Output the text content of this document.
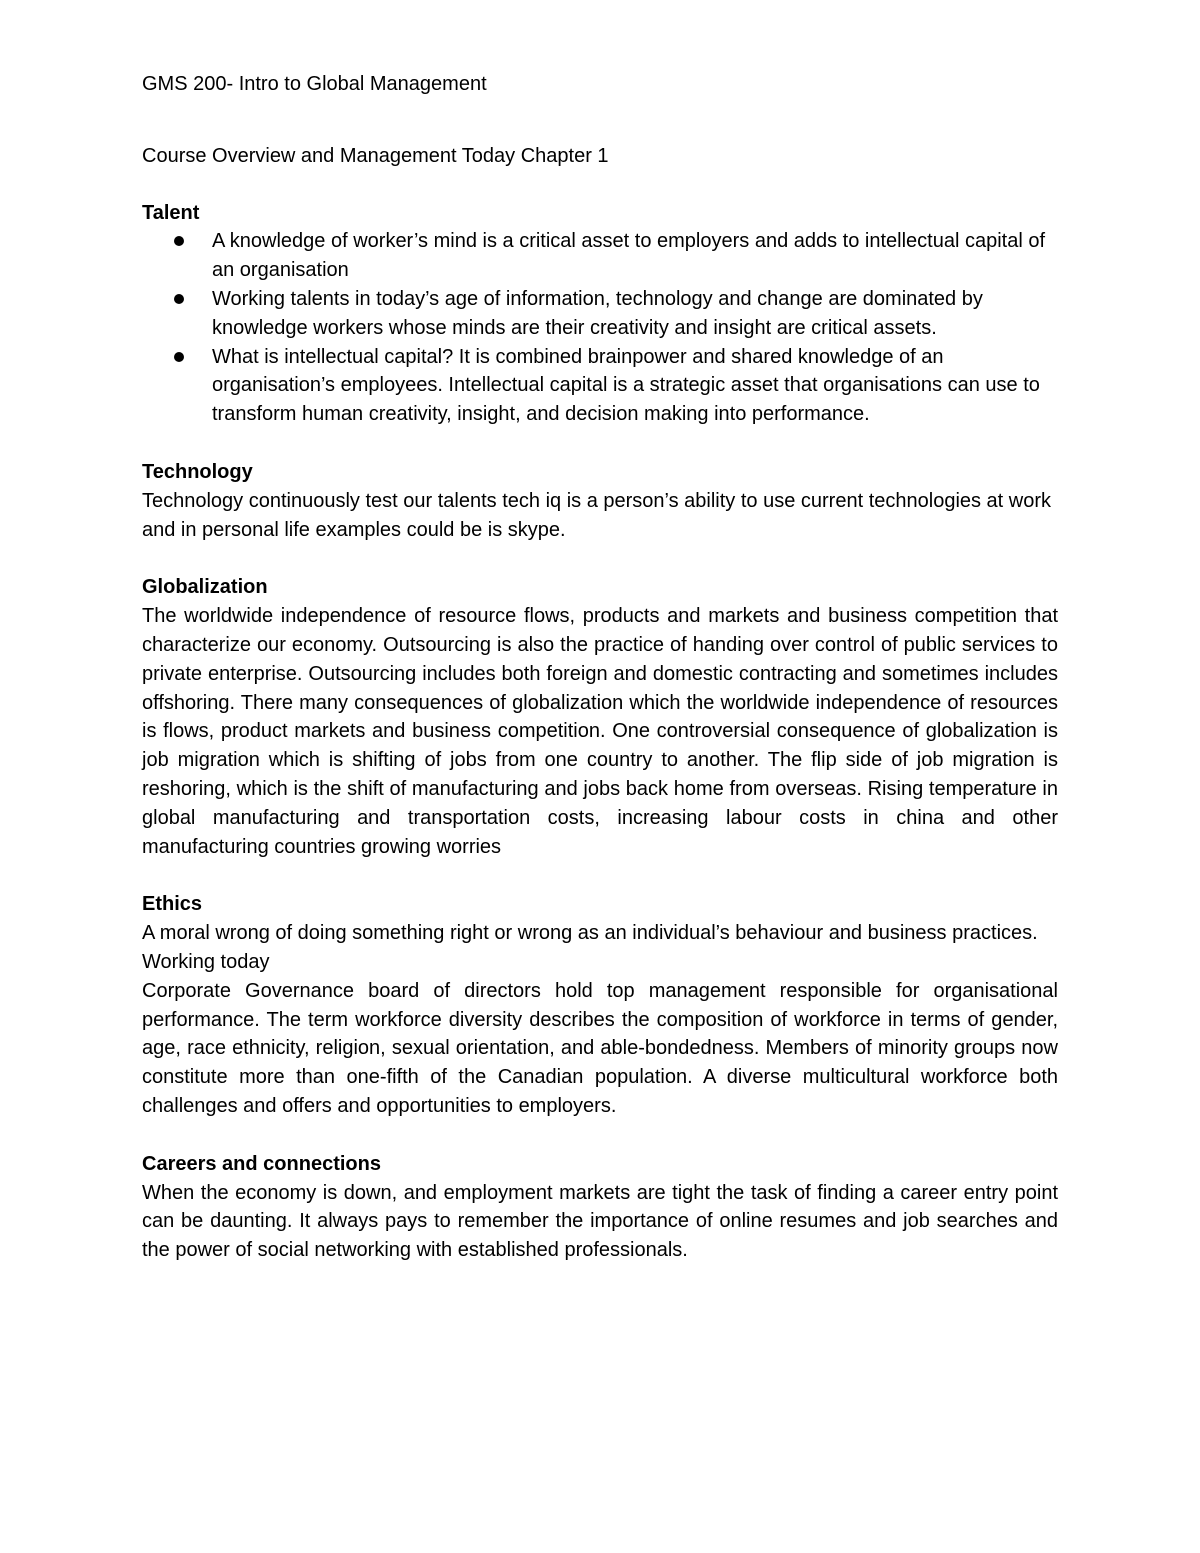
GMS 200- Intro to Global Management

Course Overview and Management Today Chapter 1

Talent
A knowledge of worker’s mind is a critical asset to employers and adds to intellectual capital of an organisation
Working talents in today’s age of information, technology and change are dominated by knowledge workers whose minds are their creativity and insight are critical assets.
What is intellectual capital? It is combined brainpower and shared knowledge of an organisation’s employees. Intellectual capital is a strategic asset that organisations can use to transform human creativity, insight, and decision making into performance.
Technology

Technology continuously test our talents tech iq is a person’s ability to use current technologies at work and in personal life examples could be is skype.

Globalization

The worldwide independence of resource flows, products and markets and business competition that characterize our economy. Outsourcing is also the practice of handing over control of public services to private enterprise. Outsourcing includes both foreign and domestic contracting and sometimes includes offshoring. There many consequences of globalization which the worldwide independence of resources is flows, product markets and business competition. One controversial consequence of globalization is job migration which is shifting of jobs from one country to another. The flip side of job migration is reshoring, which is the shift of manufacturing and jobs back home from overseas. Rising temperature in global manufacturing and transportation costs, increasing labour costs in china and other manufacturing countries growing worries

Ethics

A moral wrong of doing something right or wrong as an individual’s behaviour and business practices.

Working today

Corporate Governance board of directors hold top management responsible for organisational performance. The term workforce diversity describes the composition of workforce in terms of gender, age, race ethnicity, religion, sexual orientation, and able-bondedness. Members of minority groups now constitute more than one-fifth of the Canadian population. A diverse multicultural workforce both challenges and offers and opportunities to employers.

Careers and connections

When the economy is down, and employment markets are tight the task of finding a career entry point can be daunting. It always pays to remember the importance of online resumes and job searches and the power of social networking with established professionals.
